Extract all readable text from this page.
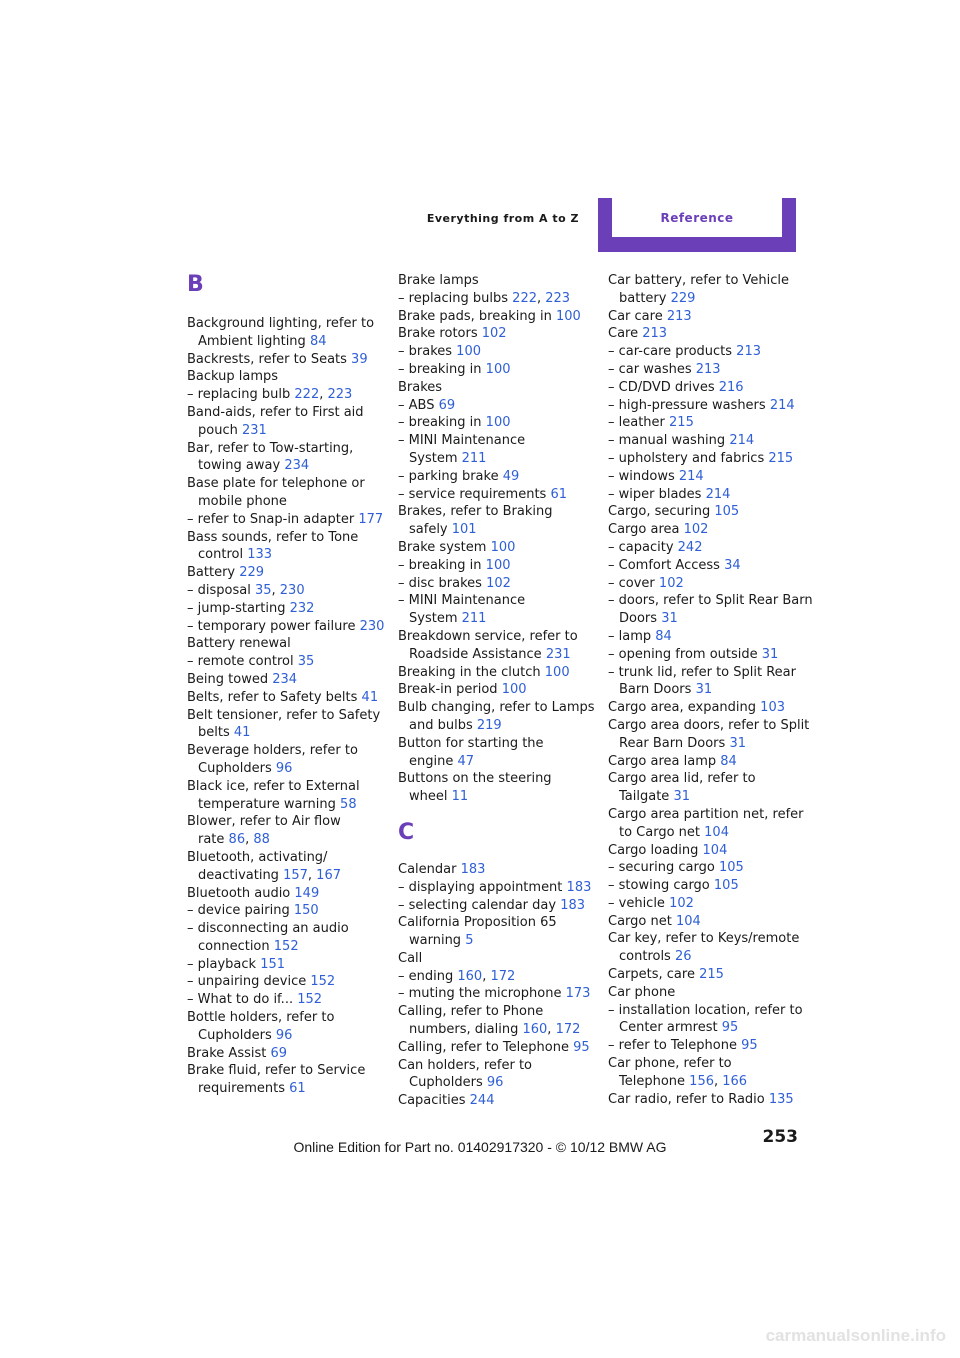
Everything from A to Z	Reference
B
Background lighting, refer to
Ambient lighting 84
Backrests, refer to Seats 39
Backup lamps
– replacing bulb 222, 223
Band-aids, refer to First aid
pouch 231
Bar, refer to Tow-starting,
towing away 234
Base plate for telephone or
mobile phone
– refer to Snap-in adapter 177
Bass sounds, refer to Tone
control 133
Battery 229
– disposal 35, 230
– jump-starting 232
– temporary power failure 230
Battery renewal
– remote control 35
Being towed 234
Belts, refer to Safety belts 41
Belt tensioner, refer to Safety
belts 41
Beverage holders, refer to
Cupholders 96
Black ice, refer to External
temperature warning 58
Blower, refer to Air flow
rate 86, 88
Bluetooth, activating/
deactivating 157, 167
Bluetooth audio 149
– device pairing 150
– disconnecting an audio
connection 152
– playback 151
– unpairing device 152
– What to do if... 152
Bottle holders, refer to
Cupholders 96
Brake Assist 69
Brake fluid, refer to Service
requirements 61
Brake lamps
– replacing bulbs 222, 223
Brake pads, breaking in 100
Brake rotors 102
– brakes 100
– breaking in 100
Brakes
– ABS 69
– breaking in 100
– MINI Maintenance
System 211
– parking brake 49
– service requirements 61
Brakes, refer to Braking
safely 101
Brake system 100
– breaking in 100
– disc brakes 102
– MINI Maintenance
System 211
Breakdown service, refer to
Roadside Assistance 231
Breaking in the clutch 100
Break-in period 100
Bulb changing, refer to Lamps
and bulbs 219
Button for starting the
engine 47
Buttons on the steering
wheel 11
C
Calendar 183
– displaying appointment 183
– selecting calendar day 183
California Proposition 65
warning 5
Call
– ending 160, 172
– muting the microphone 173
Calling, refer to Phone
numbers, dialing 160, 172
Calling, refer to Telephone 95
Can holders, refer to
Cupholders 96
Capacities 244
Car battery, refer to Vehicle
battery 229
Car care 213
Care 213
– car-care products 213
– car washes 213
– CD/DVD drives 216
– high-pressure washers 214
– leather 215
– manual washing 214
– upholstery and fabrics 215
– windows 214
– wiper blades 214
Cargo, securing 105
Cargo area 102
– capacity 242
– Comfort Access 34
– cover 102
– doors, refer to Split Rear Barn
Doors 31
– lamp 84
– opening from outside 31
– trunk lid, refer to Split Rear
Barn Doors 31
Cargo area, expanding 103
Cargo area doors, refer to Split
Rear Barn Doors 31
Cargo area lamp 84
Cargo area lid, refer to
Tailgate 31
Cargo area partition net, refer
to Cargo net 104
Cargo loading 104
– securing cargo 105
– stowing cargo 105
– vehicle 102
Cargo net 104
Car key, refer to Keys/remote
controls 26
Carpets, care 215
Car phone
– installation location, refer to
Center armrest 95
– refer to Telephone 95
Car phone, refer to
Telephone 156, 166
Car radio, refer to Radio 135
253
Online Edition for Part no. 01402917320 - © 10/12 BMW AG
carmanualsonline.info
